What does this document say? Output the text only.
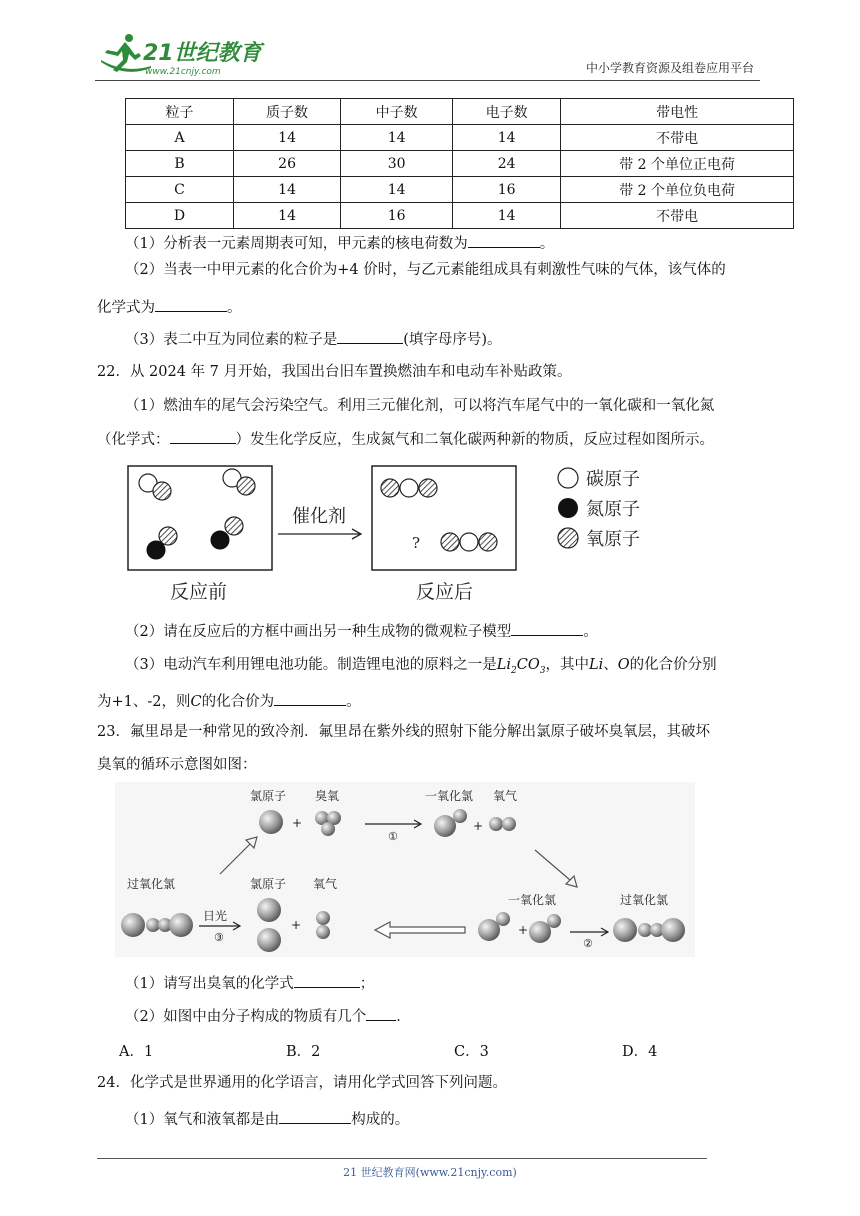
21世纪教育
www.21cnjy.com	中小学教育资源及组卷应用平台
粒子	质子数	中子数	电子数	带电性
A	14	14	14	不带电
B	26	30	24	带 2 个单位正电荷
C	14	14	16	带 2 个单位负电荷
D	14	16	14	不带电
（1）分析表一元素周期表可知，甲元素的核电荷数为	。
（2）当表一中甲元素的化合价为+4 价时，与乙元素能组成具有刺激性气味的气体，该气体的
化学式为	。
（3）表二中互为同位素的粒子是	(填字母序号)。
22．从 2024 年 7 月开始，我国出台旧车置换燃油车和电动车补贴政策。
（1）燃油车的尾气会污染空气。利用三元催化剂，可以将汽车尾气中的一氧化碳和一氧化氮
（化学式：	）发生化学反应，生成氮气和二氧化碳两种新的物质，反应过程如图所示。
催化剂
?
反应前	反应后
碳原子
氮原子
氧原子
（2）请在反应后的方框中画出另一种生成物的微观粒子模型	。
（3）电动汽车利用锂电池功能。制造锂电池的原料之一是$Li_2CO_3$，其中Li、O的化合价分别
为+1、-2，则C的化合价为	。
23．氟里昂是一种常见的致冷剂．氟里昂在紫外线的照射下能分解出氯原子破坏臭氧层，其破坏
臭氧的循环示意图如图：
氯原子 臭氧
+
①
一氧化氯 氧气
+
过氧化氯
日光
③
氯原子 氧气
+
一氧化氯
+
②
过氧化氯
（1）请写出臭氧的化学式	；
（2）如图中由分子构成的物质有几个 ．
A．1	B．2	C．3	D．4
24．化学式是世界通用的化学语言，请用化学式回答下列问题。
（1）氧气和液氧都是由	构成的。
21 世纪教育网(www.21cnjy.com)
